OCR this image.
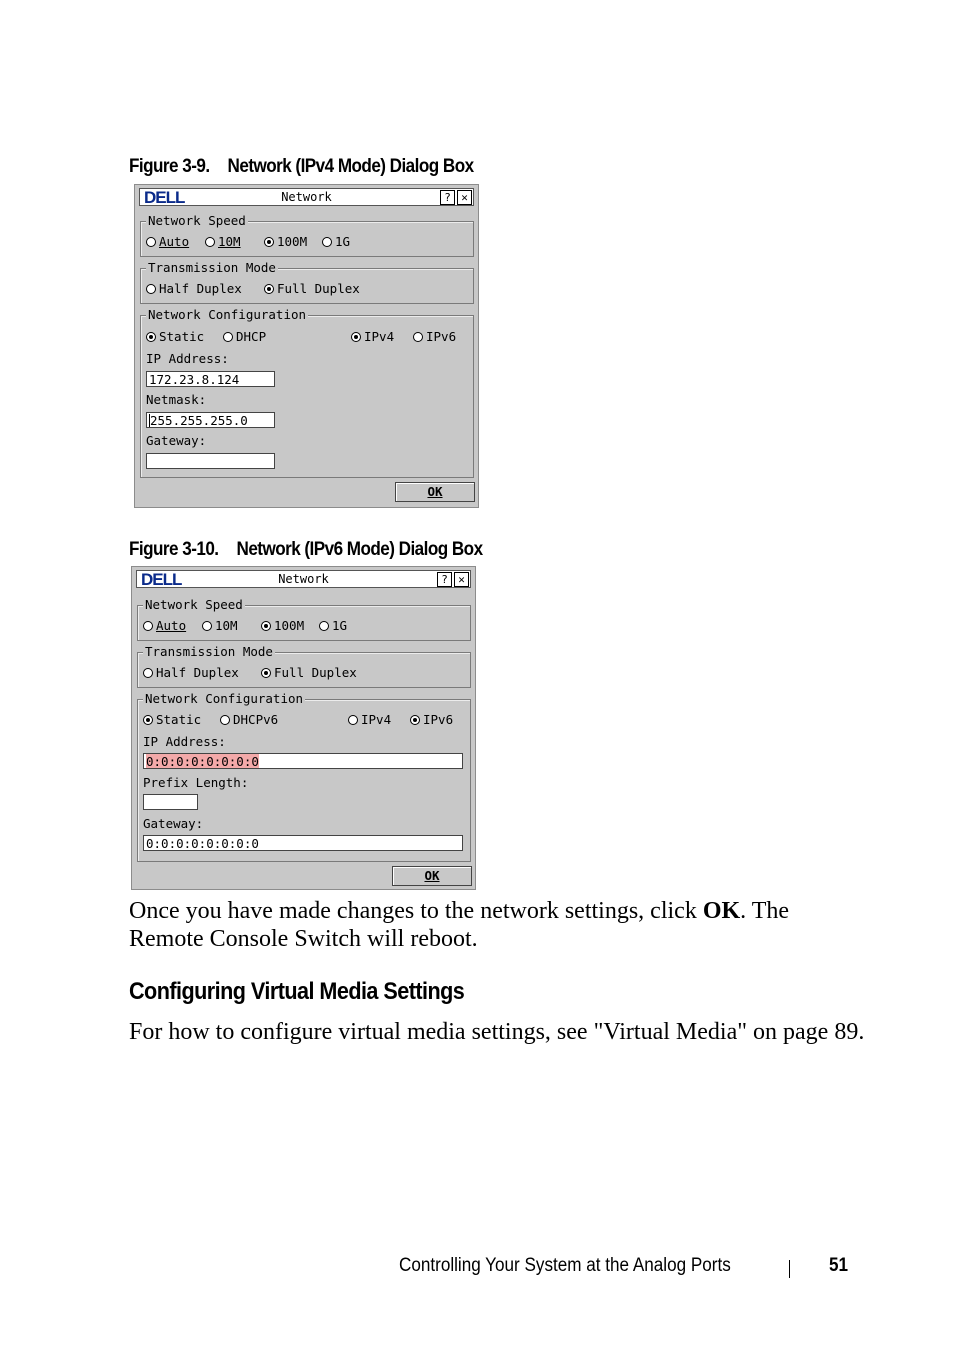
Figure 3-9. Network (IPv4 Mode) Dialog Box
DELL	Network	? ✕
Network Speed
Auto	10M	100M	1G
Transmission Mode
Half Duplex	Full Duplex
Network Configuration
Static	DHCP	IPv4	IPv6
IP Address:
172.23.8.124
Netmask:
255.255.255.0
Gateway:
OK
Figure 3-10. Network (IPv6 Mode) Dialog Box
DELL	Network	? ✕
Network Speed
Auto	10M	100M	1G
Transmission Mode
Half Duplex	Full Duplex
Network Configuration
Static	DHCPv6	IPv4	IPv6
IP Address:
0:0:0:0:0:0:0:0
Prefix Length:
Gateway:
0:0:0:0:0:0:0:0
OK
Once you have made changes to the network settings, click OK. The Remote Console Switch will reboot.
Configuring Virtual Media Settings
For how to configure virtual media settings, see "Virtual Media" on page 89.
Controlling Your System at the Analog Ports	51
